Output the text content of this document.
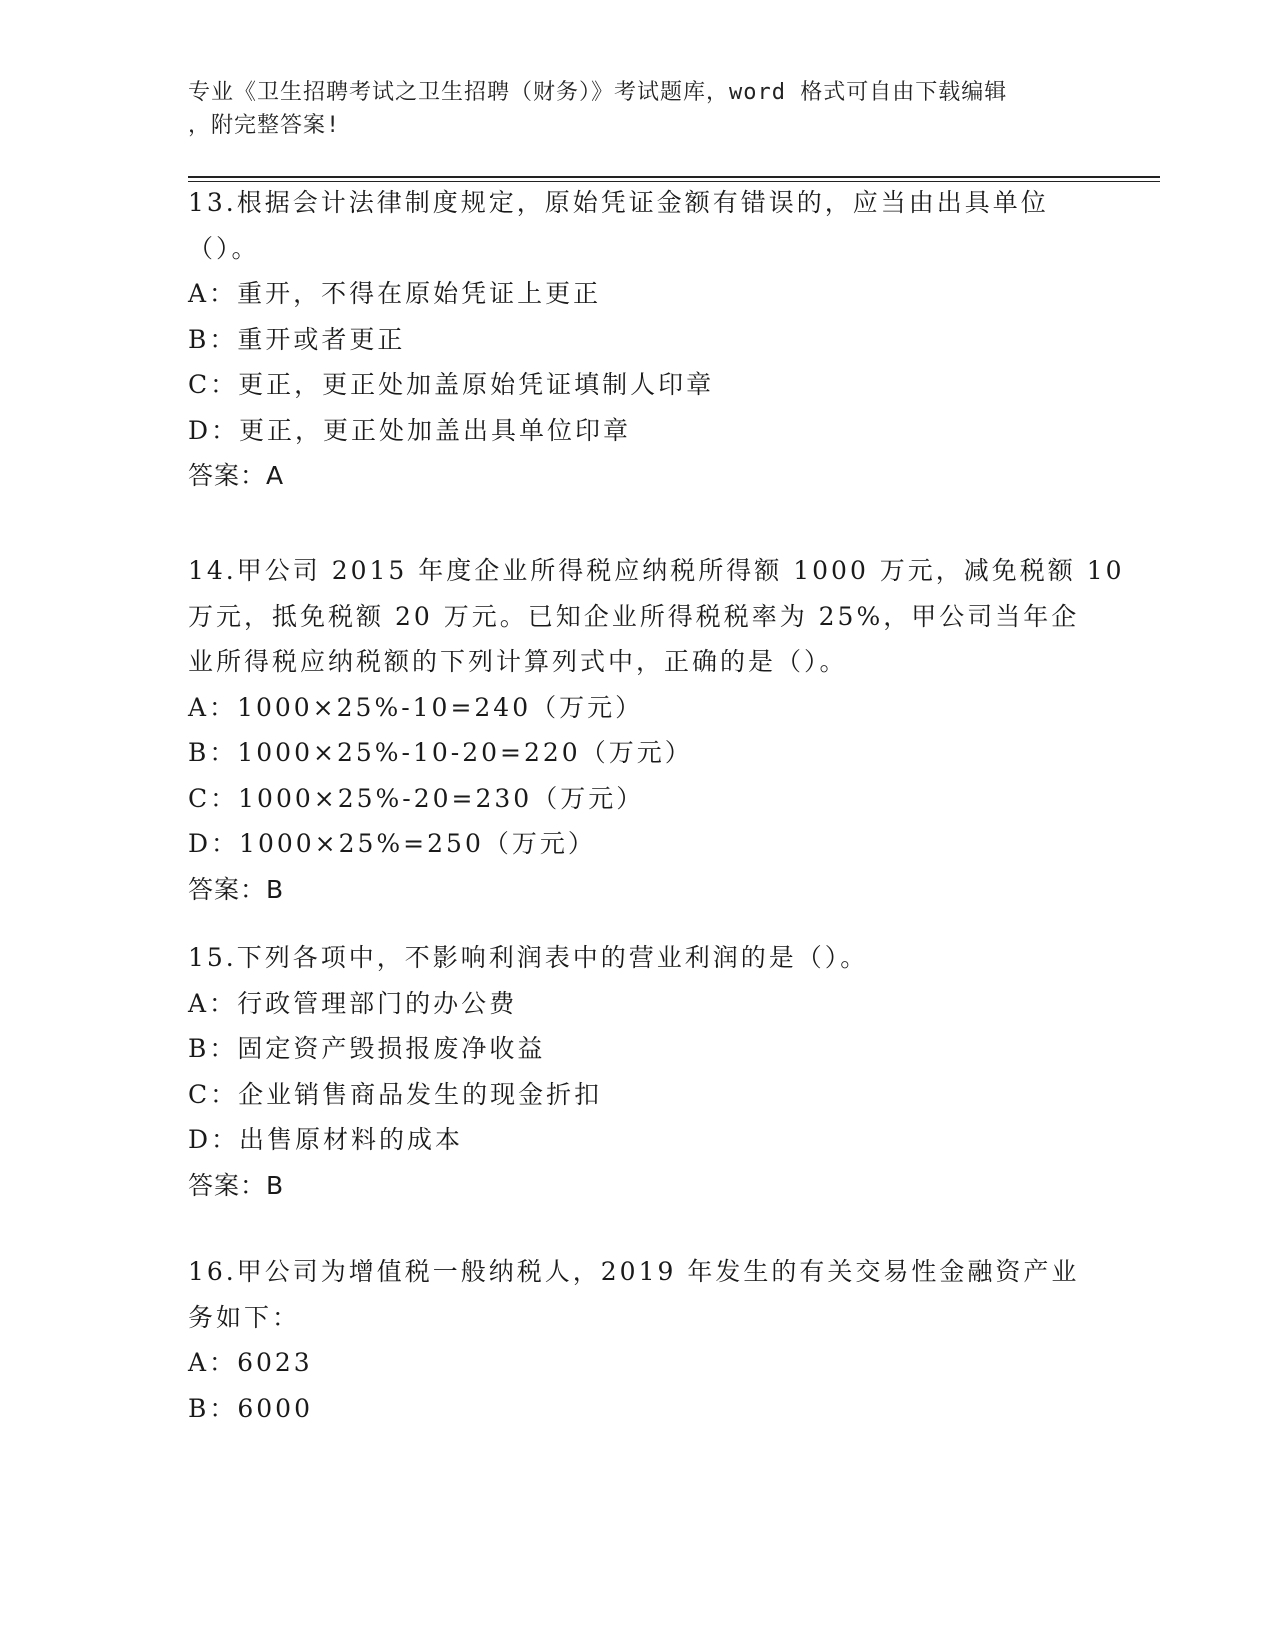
专业《卫生招聘考试之卫生招聘（财务）》考试题库，word 格式可自由下载编辑
，附完整答案!
13.根据会计法律制度规定，原始凭证金额有错误的，应当由出具单位
（）。
A：重开，不得在原始凭证上更正
B：重开或者更正
C：更正，更正处加盖原始凭证填制人印章
D：更正，更正处加盖出具单位印章
答案：A
14.甲公司 2015 年度企业所得税应纳税所得额 1000 万元，减免税额 10
万元，抵免税额 20 万元。已知企业所得税税率为 25%，甲公司当年企
业所得税应纳税额的下列计算列式中，正确的是（）。
A：1000×25%-10=240（万元）
B：1000×25%-10-20=220（万元）
C：1000×25%-20=230（万元）
D：1000×25%=250（万元）
答案：B
15.下列各项中，不影响利润表中的营业利润的是（）。
A：行政管理部门的办公费
B：固定资产毁损报废净收益
C：企业销售商品发生的现金折扣
D：出售原材料的成本
答案：B
16.甲公司为增值税一般纳税人，2019 年发生的有关交易性金融资产业
务如下：
A：6023
B：6000
